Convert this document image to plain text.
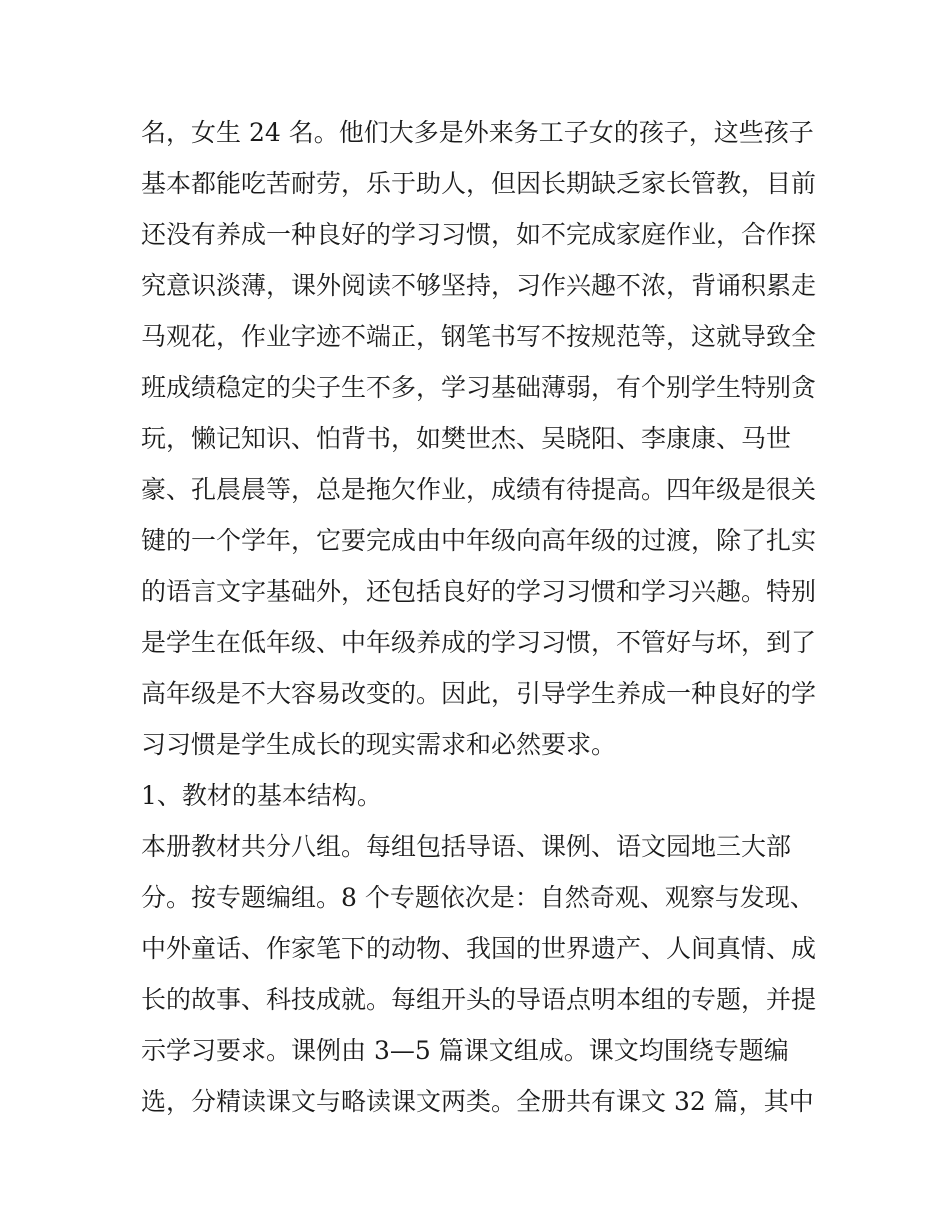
名，女生 24 名。他们大多是外来务工子女的孩子，这些孩子
基本都能吃苦耐劳，乐于助人，但因长期缺乏家长管教，目前
还没有养成一种良好的学习习惯，如不完成家庭作业，合作探
究意识淡薄，课外阅读不够坚持，习作兴趣不浓，背诵积累走
马观花，作业字迹不端正，钢笔书写不按规范等，这就导致全
班成绩稳定的尖子生不多，学习基础薄弱，有个别学生特别贪
玩，懒记知识、怕背书，如樊世杰、吴晓阳、李康康、马世
豪、孔晨晨等，总是拖欠作业，成绩有待提高。四年级是很关
键的一个学年，它要完成由中年级向高年级的过渡，除了扎实
的语言文字基础外，还包括良好的学习习惯和学习兴趣。特别
是学生在低年级、中年级养成的学习习惯，不管好与坏，到了
高年级是不大容易改变的。因此，引导学生养成一种良好的学
习习惯是学生成长的现实需求和必然要求。
1、教材的基本结构。
本册教材共分八组。每组包括导语、课例、语文园地三大部
分。按专题编组。8 个专题依次是：自然奇观、观察与发现、
中外童话、作家笔下的动物、我国的世界遗产、人间真情、成
长的故事、科技成就。每组开头的导语点明本组的专题，并提
示学习要求。课例由 3—5 篇课文组成。课文均围绕专题编
选，分精读课文与略读课文两类。全册共有课文 32 篇，其中
